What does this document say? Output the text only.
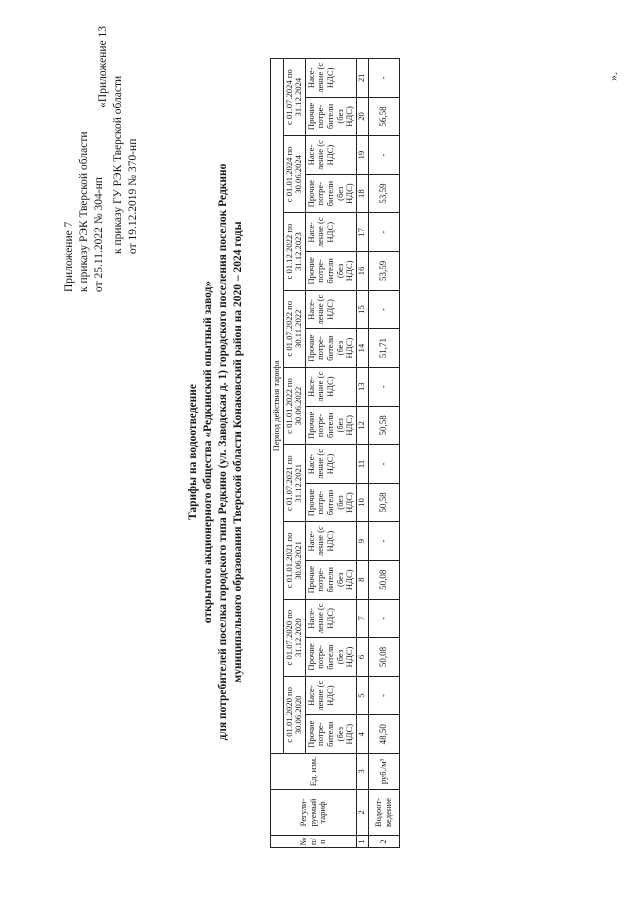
Приложение 7 к приказу РЭК Тверской области от 25.11.2022 № 304-нп
«Приложение 13
к приказу ГУ РЭК Тверской области от 19.12.2019 № 370-нп
Тарифы на водоотведение открытого акционерного общества «Редкинский опытный завод» для потребителей поселка городского типа Редкино (ул. Заводская д. 1) городского поселения поселок Редкино муниципального образования Тверской области Конаковский район на 2020 – 2024 годы
№ п/п	Регули-руемый тариф	Ед. изм.	Период действия тарифа																	
			с 01.01.2020 по 30.06.2020		с 01.07.2020 по 31.12.2020		с 01.01.2021 по 30.06.2021		с 01.07.2021 по 31.12.2021		с 01.01.2022 по 30.06.2022		с 01.07.2022 по 30.11.2022		с 01.12.2022 по 31.12.2023		с 01.01.2024 по 30.06.2024		с 01.07.2024 по 31.12.2024	
			Прочие потре-бители (без НДС)	Насе-ление (с НДС)	Прочие потре-бители (без НДС)	Насе-ление (с НДС)	Прочие потре-бители (без НДС)	Насе-ление (с НДС)	Прочие потре-бители (без НДС)	Насе-ление (с НДС)	Прочие потре-бители (без НДС)	Насе-ление (с НДС)	Прочие потре-бители (без НДС)	Насе-ление (с НДС)	Прочие потре-бители (без НДС)	Насе-ление (с НДС)	Прочие потре-бители (без НДС)	Насе-ление (с НДС)	Прочие потре-бители (без НДС)	Насе-ление (с НДС)
1	2	3	4	5	6	7	8	9	10	11	12	13	14	15	16	17	18	19	20	21
2	Водоот-ведение	руб./м³	48,50	-	50,08	-	50,08	-	50,58	-	50,58	-	51,71	-	53,59	-	53,59	-	56,58	-	».
